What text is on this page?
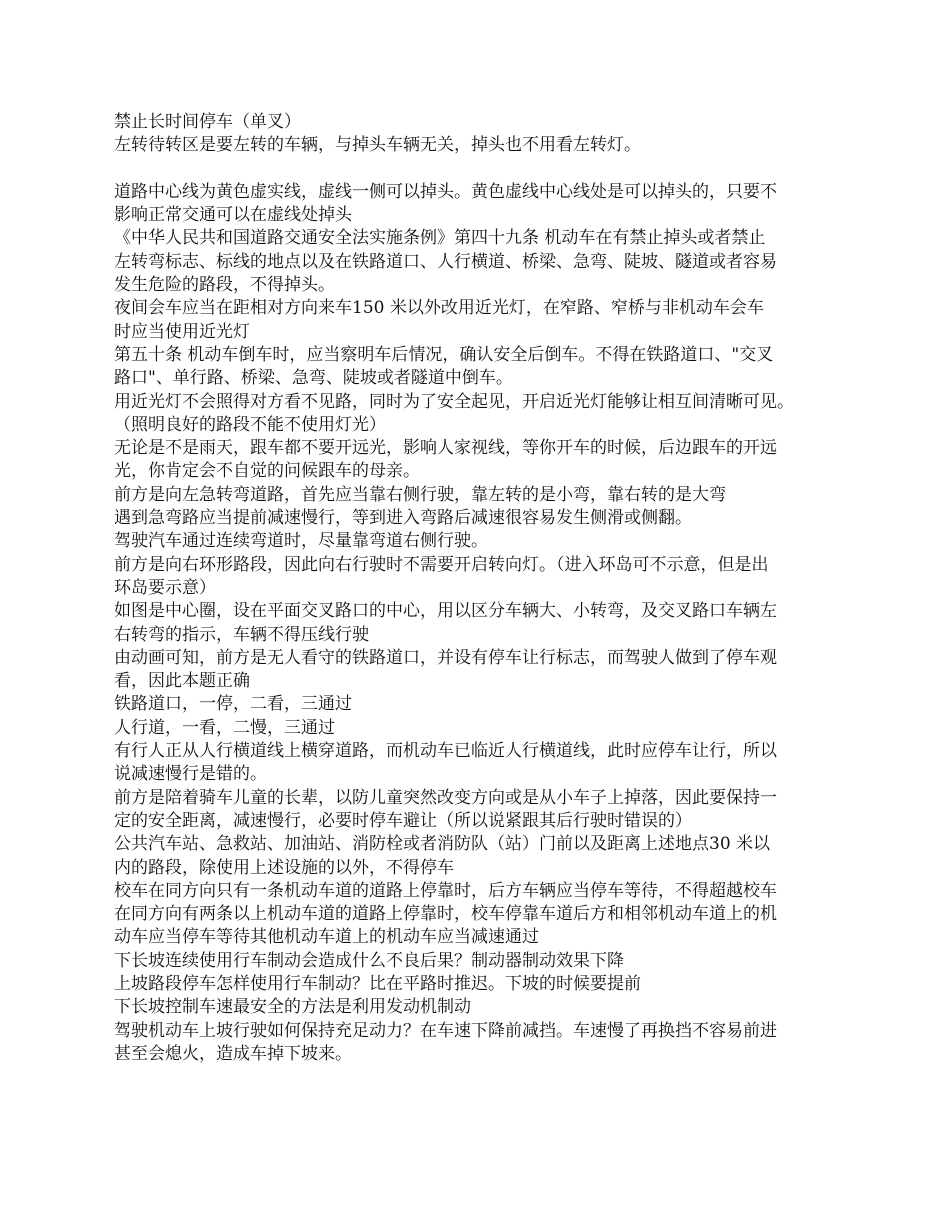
禁止长时间停车（单叉）
左转待转区是要左转的车辆，与掉头车辆无关，掉头也不用看左转灯。
道路中心线为黄色虚实线，虚线一侧可以掉头。黄色虚线中心线处是可以掉头的，只要不
影响正常交通可以在虚线处掉头
《中华人民共和国道路交通安全法实施条例》第四十九条 机动车在有禁止掉头或者禁止
左转弯标志、标线的地点以及在铁路道口、人行横道、桥梁、急弯、陡坡、隧道或者容易
发生危险的路段，不得掉头。
夜间会车应当在距相对方向来车150 米以外改用近光灯，在窄路、窄桥与非机动车会车
时应当使用近光灯
第五十条 机动车倒车时，应当察明车后情况，确认安全后倒车。不得在铁路道口、"交叉
路口"、单行路、桥梁、急弯、陡坡或者隧道中倒车。
用近光灯不会照得对方看不见路，同时为了安全起见，开启近光灯能够让相互间清晰可见。
（照明良好的路段不能不使用灯光）
无论是不是雨天，跟车都不要开远光，影响人家视线，等你开车的时候，后边跟车的开远
光，你肯定会不自觉的问候跟车的母亲。
前方是向左急转弯道路，首先应当靠右侧行驶，靠左转的是小弯，靠右转的是大弯
遇到急弯路应当提前减速慢行，等到进入弯路后减速很容易发生侧滑或侧翻。
驾驶汽车通过连续弯道时，尽量靠弯道右侧行驶。
前方是向右环形路段，因此向右行驶时不需要开启转向灯。（进入环岛可不示意，但是出
环岛要示意）
如图是中心圈，设在平面交叉路口的中心，用以区分车辆大、小转弯，及交叉路口车辆左
右转弯的指示，车辆不得压线行驶
由动画可知，前方是无人看守的铁路道口，并设有停车让行标志，而驾驶人做到了停车观
看，因此本题正确
铁路道口，一停，二看，三通过
人行道，一看，二慢，三通过
有行人正从人行横道线上横穿道路，而机动车已临近人行横道线，此时应停车让行，所以
说减速慢行是错的。
前方是陪着骑车儿童的长辈，以防儿童突然改变方向或是从小车子上掉落，因此要保持一
定的安全距离，减速慢行，必要时停车避让（所以说紧跟其后行驶时错误的）
公共汽车站、急救站、加油站、消防栓或者消防队（站）门前以及距离上述地点30 米以
内的路段，除使用上述设施的以外，不得停车
校车在同方向只有一条机动车道的道路上停靠时，后方车辆应当停车等待，不得超越校车
在同方向有两条以上机动车道的道路上停靠时，校车停靠车道后方和相邻机动车道上的机
动车应当停车等待其他机动车道上的机动车应当减速通过
下长坡连续使用行车制动会造成什么不良后果？制动器制动效果下降
上坡路段停车怎样使用行车制动？比在平路时推迟。下坡的时候要提前
下长坡控制车速最安全的方法是利用发动机制动
驾驶机动车上坡行驶如何保持充足动力？在车速下降前减挡。车速慢了再换挡不容易前进
甚至会熄火，造成车掉下坡来。
